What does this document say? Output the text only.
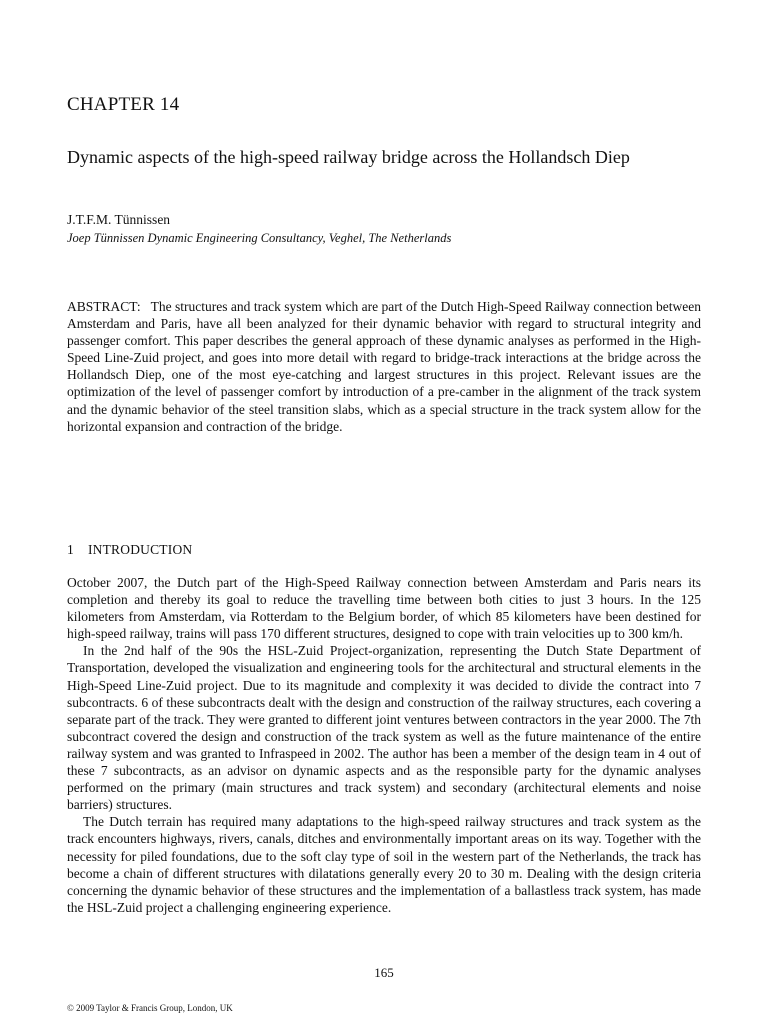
CHAPTER 14
Dynamic aspects of the high-speed railway bridge across the Hollandsch Diep
J.T.F.M. Tünnissen
Joep Tünnissen Dynamic Engineering Consultancy, Veghel, The Netherlands

ABSTRACT: The structures and track system which are part of the Dutch High-Speed Railway connection between Amsterdam and Paris, have all been analyzed for their dynamic behavior with regard to structural integrity and passenger comfort. This paper describes the general approach of these dynamic analyses as performed in the High-Speed Line-Zuid project, and goes into more detail with regard to bridge-track interactions at the bridge across the Hollandsch Diep, one of the most eye-catching and largest structures in this project. Relevant issues are the optimization of the level of passenger comfort by introduction of a pre-camber in the alignment of the track system and the dynamic behavior of the steel transition slabs, which as a special structure in the track system allow for the horizontal expansion and contraction of the bridge.

1 INTRODUCTION

October 2007, the Dutch part of the High-Speed Railway connection between Amsterdam and Paris nears its completion and thereby its goal to reduce the travelling time between both cities to just 3 hours. In the 125 kilometers from Amsterdam, via Rotterdam to the Belgium border, of which 85 kilometers have been destined for high-speed railway, trains will pass 170 different structures, designed to cope with train velocities up to 300 km/h.

In the 2nd half of the 90s the HSL-Zuid Project-organization, representing the Dutch State Department of Transportation, developed the visualization and engineering tools for the architectural and structural elements in the High-Speed Line-Zuid project. Due to its magnitude and complexity it was decided to divide the contract into 7 subcontracts. 6 of these subcontracts dealt with the design and construction of the railway structures, each covering a separate part of the track. They were granted to different joint ventures between contractors in the year 2000. The 7th subcontract covered the design and construction of the track system as well as the future maintenance of the entire railway system and was granted to Infraspeed in 2002. The author has been a member of the design team in 4 out of these 7 subcontracts, as an advisor on dynamic aspects and as the responsible party for the dynamic analyses performed on the primary (main structures and track system) and secondary (architectural elements and noise barriers) structures.

The Dutch terrain has required many adaptations to the high-speed railway structures and track system as the track encounters highways, rivers, canals, ditches and environmentally important areas on its way. Together with the necessity for piled foundations, due to the soft clay type of soil in the western part of the Netherlands, the track has become a chain of different structures with dilatations generally every 20 to 30 m. Dealing with the design criteria concerning the dynamic behavior of these structures and the implementation of a ballastless track system, has made the HSL-Zuid project a challenging engineering experience.

165
© 2009 Taylor & Francis Group, London, UK
